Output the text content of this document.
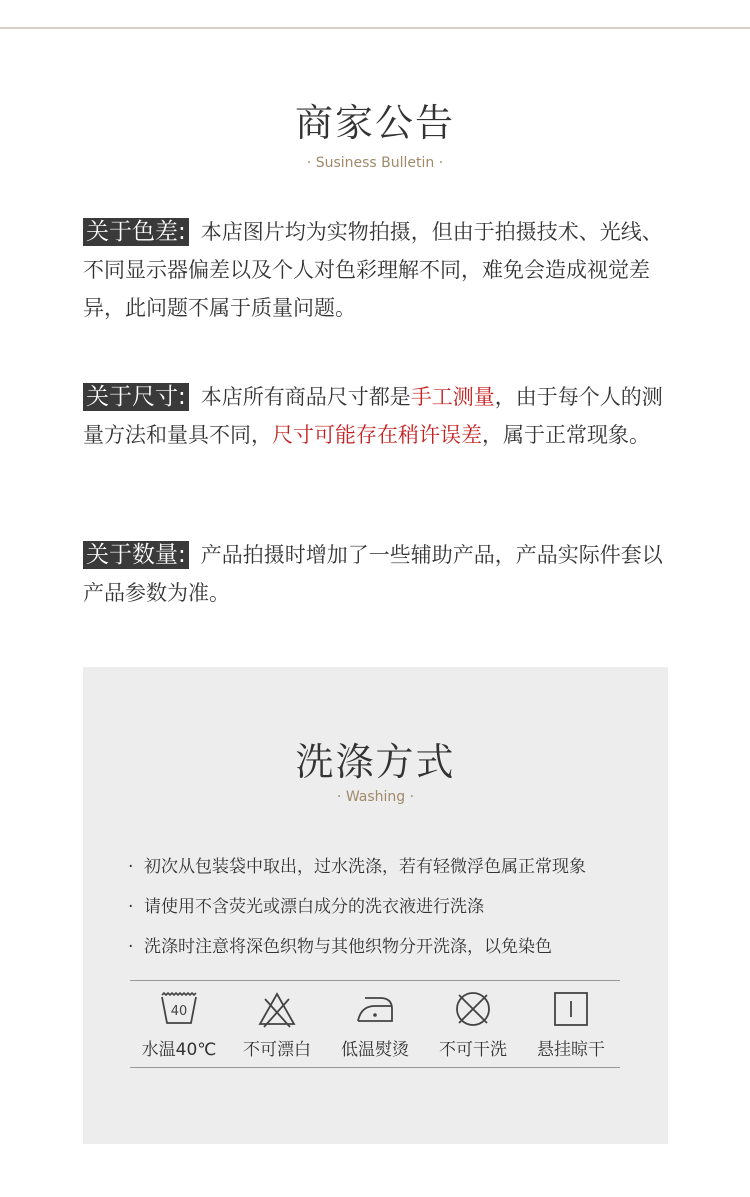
商家公告
· Susiness Bulletin ·
关于色差: 本店图片均为实物拍摄，但由于拍摄技术、光线、不同显示器偏差以及个人对色彩理解不同，难免会造成视觉差异，此问题不属于质量问题。
关于尺寸: 本店所有商品尺寸都是手工测量，由于每个人的测量方法和量具不同，尺寸可能存在稍许误差，属于正常现象。
关于数量: 产品拍摄时增加了一些辅助产品，产品实际件套以产品参数为准。
洗涤方式
· Washing ·
· 初次从包装袋中取出，过水洗涤，若有轻微浮色属正常现象
· 请使用不含荧光或漂白成分的洗衣液进行洗涤
· 洗涤时注意将深色织物与其他织物分开洗涤，以免染色
40
水温40℃ 不可漂白 低温熨烫 不可干洗 悬挂晾干
